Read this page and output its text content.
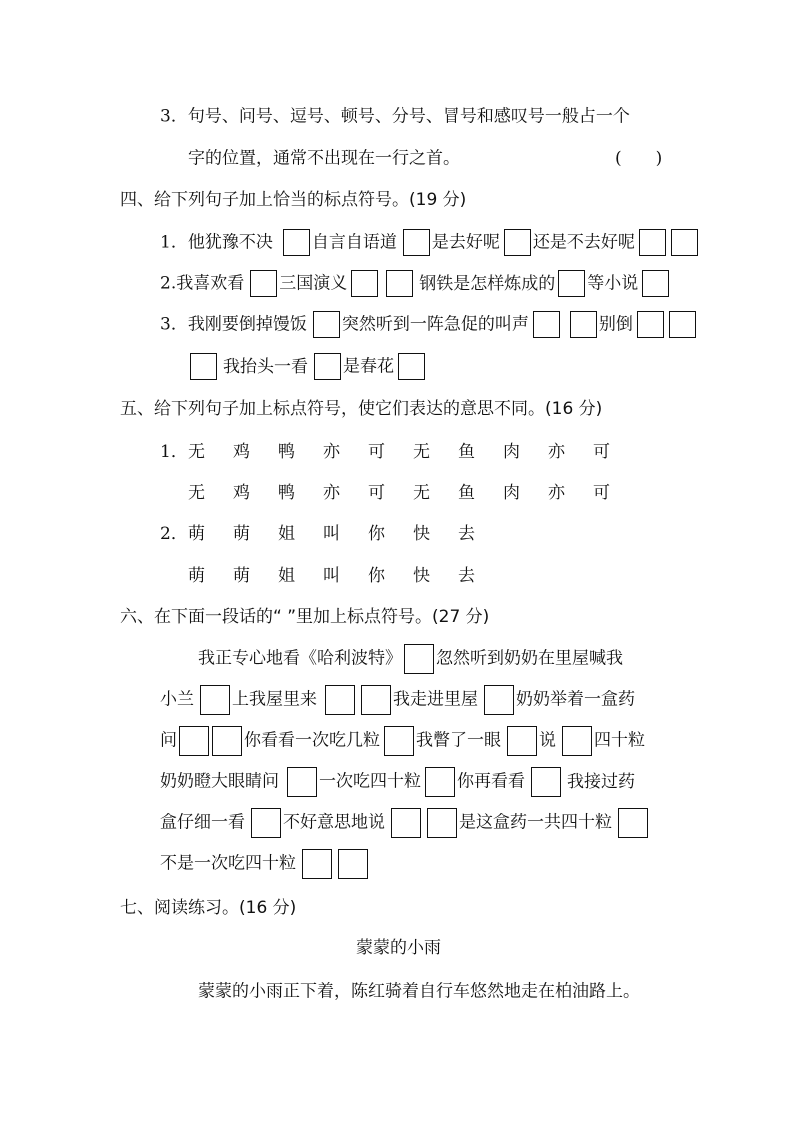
3．句号、问号、逗号、顿号、分号、冒号和感叹号一般占一个
字的位置，通常不出现在一行之首。	(　　)
四、给下列句子加上恰当的标点符号。(19 分)
1．他犹豫不决 自言自语道 是去好呢 还是不去好呢
2.我喜欢看 三国演义	钢铁是怎样炼成的 等小说
3．我刚要倒掉馒饭 突然听到一阵急促的叫声	别倒
我抬头一看 是春花
五、给下列句子加上标点符号，使它们表达的意思不同。(16 分)
1．无 鸡 鸭 亦 可 无 鱼 肉 亦 可
无 鸡 鸭 亦 可 无 鱼 肉 亦 可
2．萌 萌 姐 叫 你 快 去
萌 萌 姐 叫 你 快 去
六、在下面一段话的“ ”里加上标点符号。(27 分)
我正专心地看《哈利波特》 忽然听到奶奶在里屋喊我
小兰 上我屋里来	我走进里屋 奶奶举着一盒药
问	你看看一次吃几粒 我瞥了一眼 说 四十粒
奶奶瞪大眼睛问 一次吃四十粒 你再看看 我接过药
盒仔细一看 不好意思地说	是这盒药一共四十粒
不是一次吃四十粒
七、阅读练习。(16 分)
蒙蒙的小雨
蒙蒙的小雨正下着，陈红骑着自行车悠然地走在柏油路上。
